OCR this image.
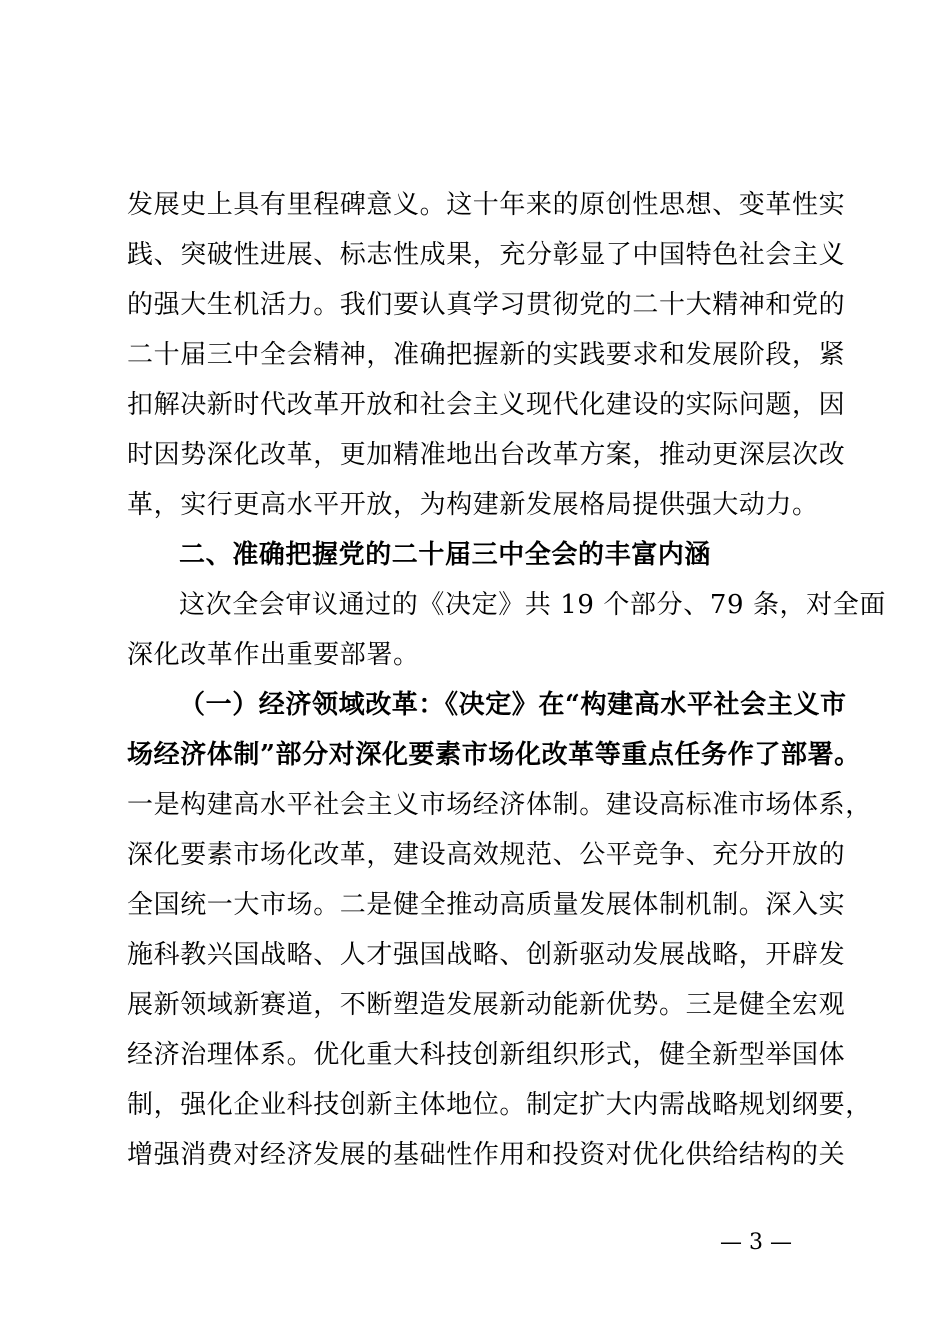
发展史上具有里程碑意义。这十年来的原创性思想、变革性实
践、突破性进展、标志性成果，充分彰显了中国特色社会主义
的强大生机活力。我们要认真学习贯彻党的二十大精神和党的
二十届三中全会精神，准确把握新的实践要求和发展阶段，紧
扣解决新时代改革开放和社会主义现代化建设的实际问题，因
时因势深化改革，更加精准地出台改革方案，推动更深层次改
革，实行更高水平开放，为构建新发展格局提供强大动力。
二、准确把握党的二十届三中全会的丰富内涵
这次全会审议通过的《决定》共 19 个部分、79 条，对全面
深化改革作出重要部署。
（一）经济领域改革：《决定》在“构建高水平社会主义市
场经济体制”部分对深化要素市场化改革等重点任务作了部署。
一是构建高水平社会主义市场经济体制。建设高标准市场体系，
深化要素市场化改革，建设高效规范、公平竞争、充分开放的
全国统一大市场。二是健全推动高质量发展体制机制。深入实
施科教兴国战略、人才强国战略、创新驱动发展战略，开辟发
展新领域新赛道，不断塑造发展新动能新优势。三是健全宏观
经济治理体系。优化重大科技创新组织形式，健全新型举国体
制，强化企业科技创新主体地位。制定扩大内需战略规划纲要，
增强消费对经济发展的基础性作用和投资对优化供给结构的关
— 3 —
